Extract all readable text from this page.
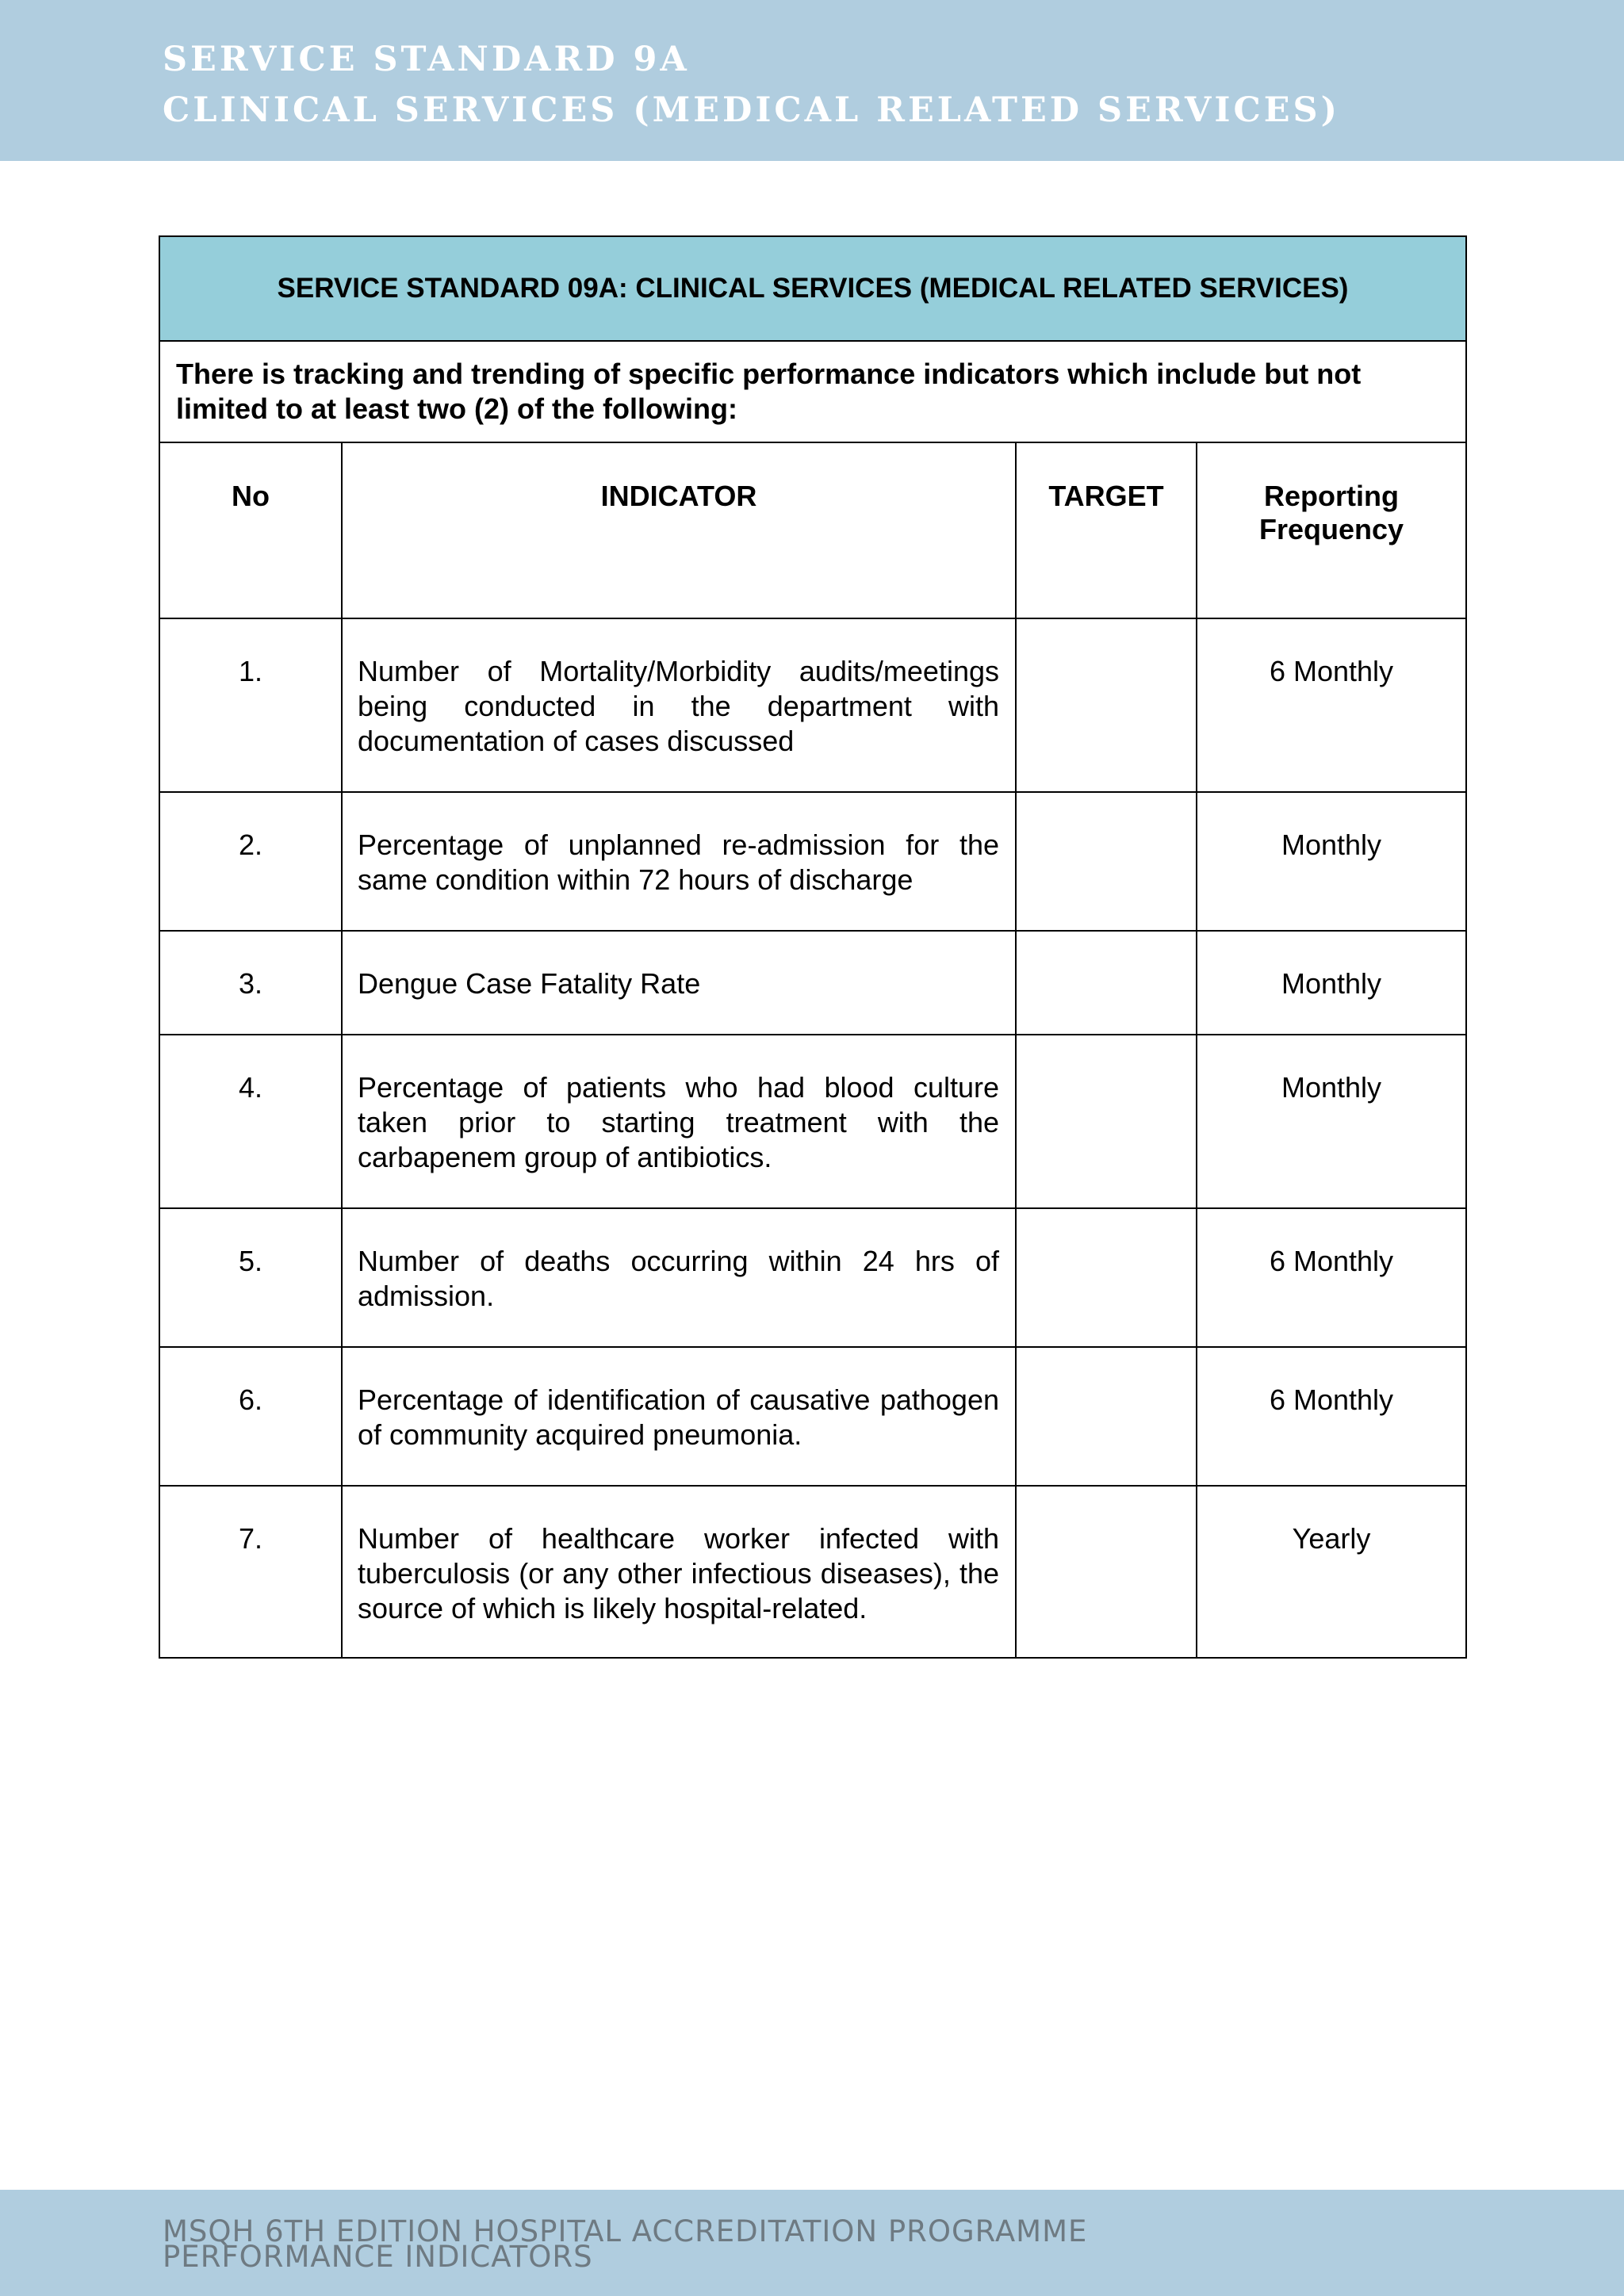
SERVICE STANDARD 9A
CLINICAL SERVICES (MEDICAL RELATED SERVICES)
SERVICE STANDARD 09A: CLINICAL SERVICES (MEDICAL RELATED SERVICES)			
There is tracking and trending of specific performance indicators which include but not limited to at least two (2) of the following:			
No	INDICATOR	TARGET	Reporting Frequency
1.	Number of Mortality/Morbidity audits/meetings being conducted in the department with documentation of cases discussed		6 Monthly
2.	Percentage of unplanned re-admission for the same condition within 72 hours of discharge		Monthly
3.	Dengue Case Fatality Rate		Monthly
4.	Percentage of patients who had blood culture taken prior to starting treatment with the carbapenem group of antibiotics.		Monthly
5.	Number of deaths occurring within 24 hrs of admission.		6 Monthly
6.	Percentage of identification of causative pathogen of community acquired pneumonia.		6 Monthly
7.	Number of healthcare worker infected with tuberculosis (or any other infectious diseases), the source of which is likely hospital-related.		Yearly
MSQH 6TH EDITION HOSPITAL ACCREDITATION PROGRAMME
PERFORMANCE INDICATORS
